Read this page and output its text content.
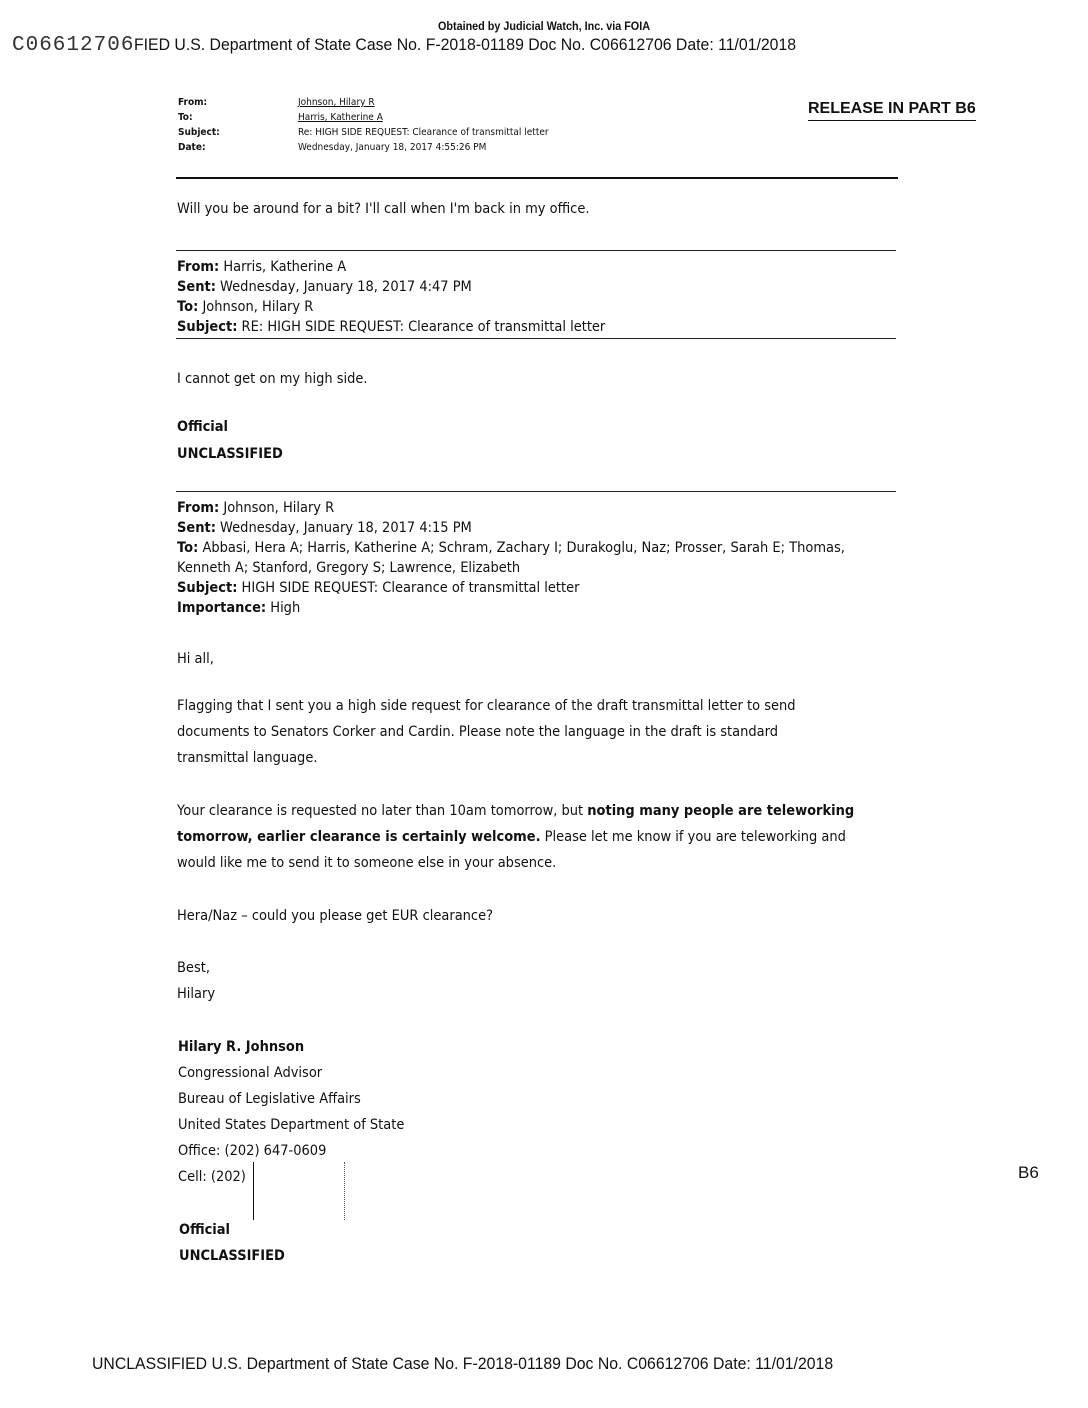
Obtained by Judicial Watch, Inc. via FOIA
C06612706FIED U.S. Department of State Case No. F-2018-01189 Doc No. C06612706 Date: 11/01/2018
RELEASE IN PART B6
From:	Johnson, Hilary R
To:	Harris, Katherine A
Subject:	Re: HIGH SIDE REQUEST: Clearance of transmittal letter
Date:	Wednesday, January 18, 2017 4:55:26 PM
Will you be around for a bit? I'll call when I'm back in my office.
From: Harris, Katherine A
Sent: Wednesday, January 18, 2017 4:47 PM
To: Johnson, Hilary R
Subject: RE: HIGH SIDE REQUEST: Clearance of transmittal letter
I cannot get on my high side.
Official
UNCLASSIFIED
From: Johnson, Hilary R
Sent: Wednesday, January 18, 2017 4:15 PM
To: Abbasi, Hera A; Harris, Katherine A; Schram, Zachary I; Durakoglu, Naz; Prosser, Sarah E; Thomas,
Kenneth A; Stanford, Gregory S; Lawrence, Elizabeth
Subject: HIGH SIDE REQUEST: Clearance of transmittal letter
Importance: High
Hi all,
Flagging that I sent you a high side request for clearance of the draft transmittal letter to send
documents to Senators Corker and Cardin. Please note the language in the draft is standard
transmittal language.
Your clearance is requested no later than 10am tomorrow, but noting many people are teleworking
tomorrow, earlier clearance is certainly welcome. Please let me know if you are teleworking and
would like me to send it to someone else in your absence.
Hera/Naz – could you please get EUR clearance?
Best,
Hilary
Hilary R. Johnson
Congressional Advisor
Bureau of Legislative Affairs
United States Department of State
Office: (202) 647-0609
Cell: (202)
Official
UNCLASSIFIED
B6
UNCLASSIFIED U.S. Department of State Case No. F-2018-01189 Doc No. C06612706 Date: 11/01/2018
